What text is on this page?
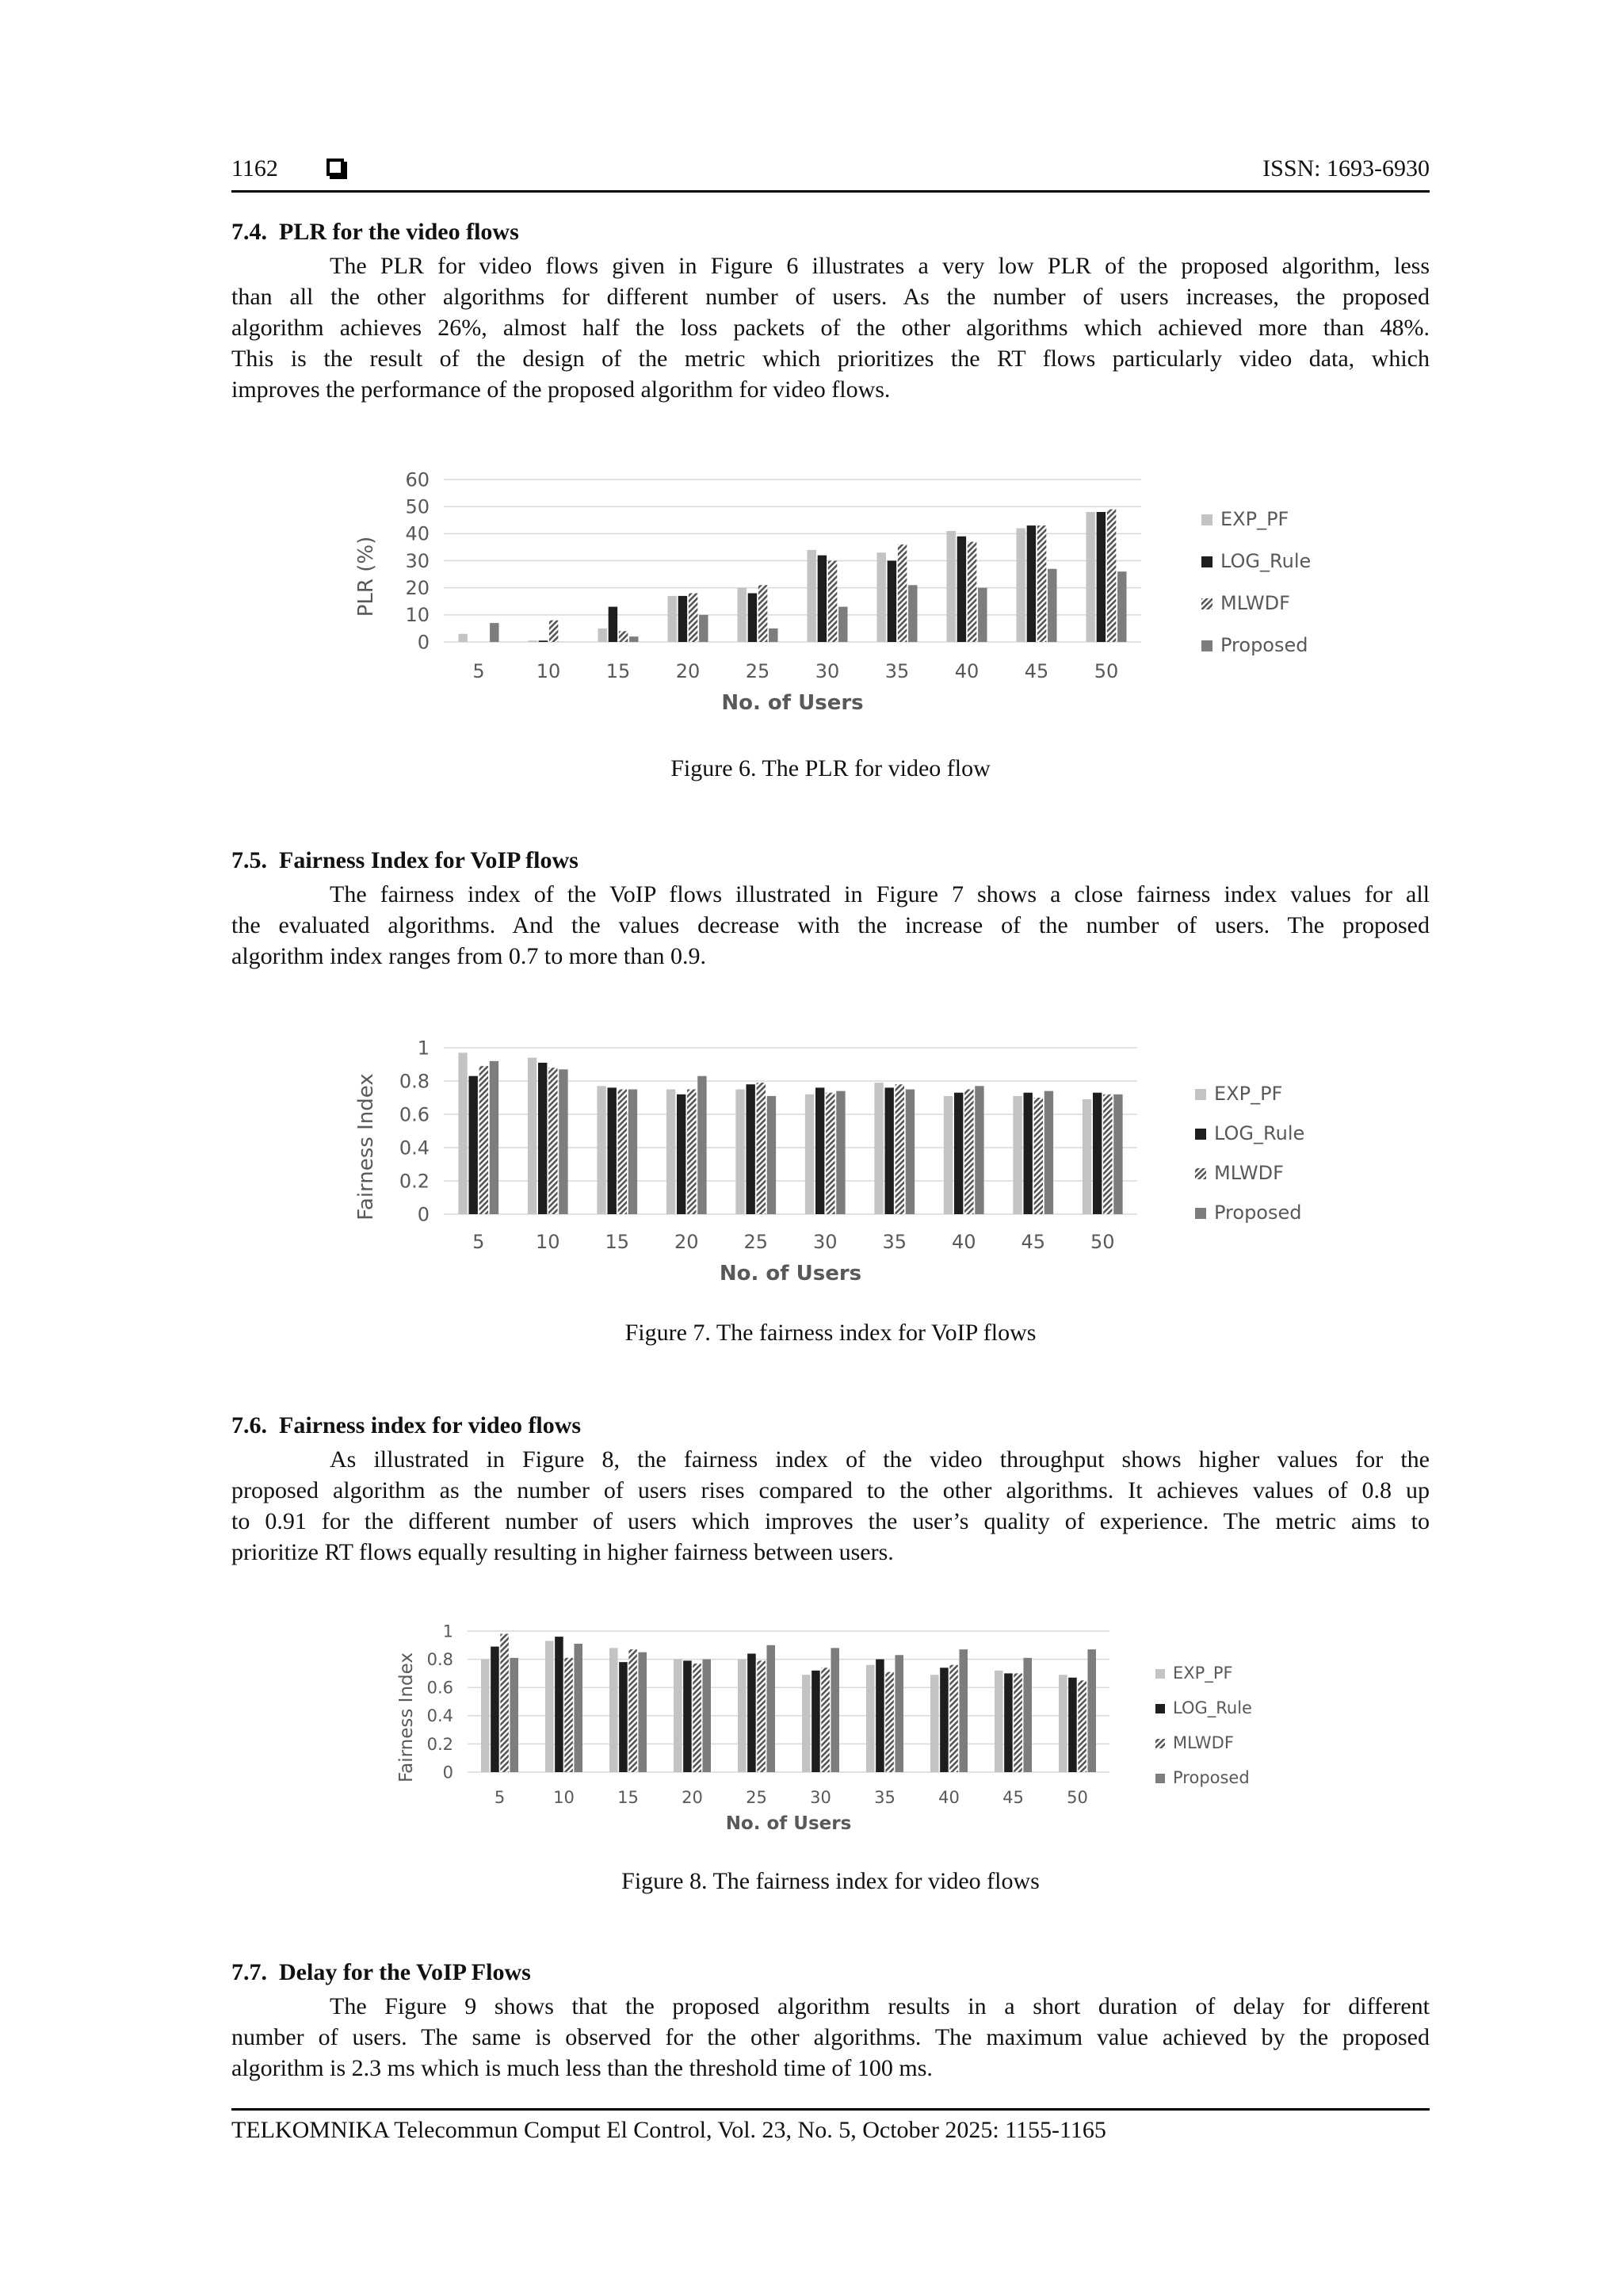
1162	ISSN: 1693-6930
7.4.  PLR for the video flows
The PLR for video flows given in Figure 6 illustrates a very low PLR of the proposed algorithm, less
than all the other algorithms for different number of users. As the number of users increases, the proposed
algorithm achieves 26%, almost half the loss packets of the other algorithms which achieved more than 48%.
This is the result of the design of the metric which prioritizes the RT flows particularly video data, which
improves the performance of the proposed algorithm for video flows.
0
10
20
30
40
50
60
5	10 15 20 25 30 35 40 45 50
No. of Users
PLR (%)
EXP_PF
LOG_Rule
MLWDF
Proposed
Figure 6. The PLR for video flow
7.5.  Fairness Index for VoIP flows
The fairness index of the VoIP flows illustrated in Figure 7 shows a close fairness index values for all
the evaluated algorithms. And the values decrease with the increase of the number of users. The proposed
algorithm index ranges from 0.7 to more than 0.9.
0
0.2
0.4
0.6
0.8
1
5	10 15 20 25 30 35 40 45 50
No. of Users
Fairness Index	EXP_PF
LOG_Rule
MLWDF
Proposed
Figure 7. The fairness index for VoIP flows
7.6.  Fairness index for video flows
As illustrated in Figure 8, the fairness index of the video throughput shows higher values for the
proposed algorithm as the number of users rises compared to the other algorithms. It achieves values of 0.8 up
to 0.91 for the different number of users which improves the user’s quality of experience. The metric aims to
prioritize RT flows equally resulting in higher fairness between users.
0
0.2
0.4
0.6
0.8
1
5	10	15	20	25	30	35	40	45	50
No. of Users
Fairness Index	EXP_PF
LOG_Rule
MLWDF
Proposed
Figure 8. The fairness index for video flows
7.7.  Delay for the VoIP Flows
The Figure 9 shows that the proposed algorithm results in a short duration of delay for different
number of users. The same is observed for the other algorithms. The maximum value achieved by the proposed
algorithm is 2.3 ms which is much less than the threshold time of 100 ms.
TELKOMNIKA Telecommun Comput El Control, Vol. 23, No. 5, October 2025: 1155-1165
